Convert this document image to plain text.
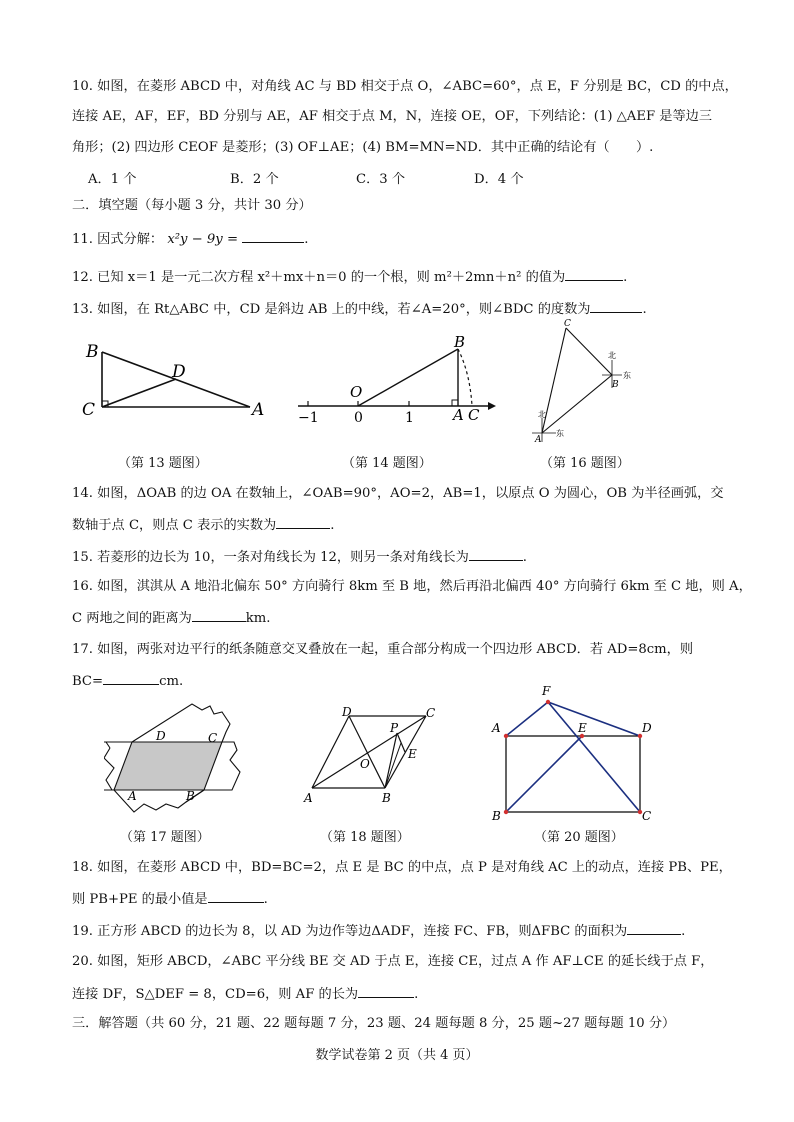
10. 如图，在菱形 ABCD 中，对角线 AC 与 BD 相交于点 O，∠ABC=60°，点 E，F 分别是 BC，CD 的中点，
连接 AE，AF，EF，BD 分别与 AE，AF 相交于点 M，N，连接 OE，OF，下列结论：(1) △AEF 是等边三
角形；(2) 四边形 CEOF 是菱形；(3) OF⊥AE；(4) BM=MN=ND．其中正确的结论有（　　）.
A．1 个	B．2 个	C．3 个	D．4 个
二．填空题（每小题 3 分，共计 30 分）
11. 因式分解： x²y − 9y =	.
12. 已知 x＝1 是一元二次方程 x²＋mx＋n＝0 的一个根，则 m²＋2mn＋n² 的值为	.
13. 如图，在 Rt△ABC 中，CD 是斜边 AB 上的中线，若∠A=20°，则∠BDC 的度数为	.
B
D
C	A
（第 13 题图）
B
O
A C
−1	0	1
（第 14 题图）
C
B
A
北
东
北
东
（第 16 题图）
14. 如图，ΔOAB 的边 OA 在数轴上，∠OAB=90°，AO=2，AB=1，以原点 O 为圆心，OB 为半径画弧，交
数轴于点 C，则点 C 表示的实数为	.
15. 若菱形的边长为 10，一条对角线长为 12，则另一条对角线长为	.
16. 如图，淇淇从 A 地沿北偏东 50° 方向骑行 8km 至 B 地，然后再沿北偏西 40° 方向骑行 6km 至 C 地，则 A，
C 两地之间的距离为	km.
17. 如图，两张对边平行的纸条随意交叉叠放在一起，重合部分构成一个四边形 ABCD．若 AD=8cm，则
BC=	cm.
D	C
A	B
（第 17 题图）
D	C
P
E
O
A	B
（第 18 题图）
F
A	E	D
B	C
（第 20 题图）
18. 如图，在菱形 ABCD 中，BD=BC=2，点 E 是 BC 的中点，点 P 是对角线 AC 上的动点，连接 PB、PE，
则 PB+PE 的最小值是	.
19. 正方形 ABCD 的边长为 8，以 AD 为边作等边ΔADF，连接 FC、FB，则ΔFBC 的面积为	.
20. 如图，矩形 ABCD，∠ABC 平分线 BE 交 AD 于点 E，连接 CE，过点 A 作 AF⊥CE 的延长线于点 F，
连接 DF，S△DEF = 8，CD=6，则 AF 的长为	.
三．解答题（共 60 分，21 题、22 题每题 7 分，23 题、24 题每题 8 分，25 题~27 题每题 10 分）
数学试卷第 2 页（共 4 页）
